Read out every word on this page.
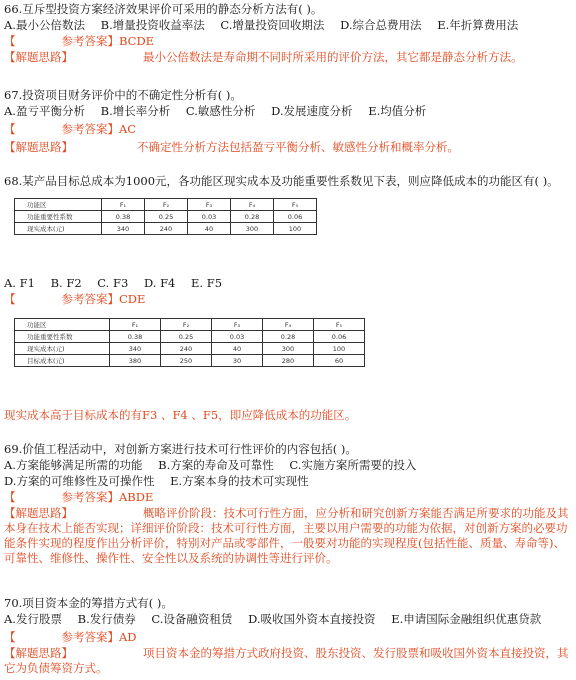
66.互斥型投资方案经济效果评价可采用的静态分析方法有( )。
A.最小公倍数法 B.增量投资收益率法 C.增量投资回收期法 D.综合总费用法 E.年折算费用法
【	参考答案】BCDE
【解题思路】	最小公倍数法是寿命期不同时所采用的评价方法，其它都是静态分析方法。
67.投资项目财务评价中的不确定性分析有( )。
A.盈亏平衡分析 B.增长率分析 C.敏感性分析 D.发展速度分析 E.均值分析
【	参考答案】AC
【解题思路】	不确定性分析方法包括盈亏平衡分析、敏感性分析和概率分析。
68.某产品目标总成本为1000元，各功能区现实成本及功能重要性系数见下表，则应降低成本的功能区有( )。
功能区	F₁	F₂	F₃	F₄	F₅
功能重要性系数	0.38	0.25	0.03	0.28	0.06
现实成本(元)	340	240	40	300	100
A. F1 B. F2 C. F3 D. F4 E. F5
【	参考答案】CDE
功能区	F₁	F₂	F₃	F₄	F₅
功能重要性系数	0.38	0.25	0.03	0.28	0.06
现实成本(元)	340	240	40	300	100
目标成本(元)	380	250	30	280	60
现实成本高于目标成本的有F3 、F4 、F5，即应降低成本的功能区。
69.价值工程活动中，对创新方案进行技术可行性评价的内容包括( )。
A.方案能够满足所需的功能 B.方案的寿命及可靠性 C.实施方案所需要的投入
D.方案的可维修性及可操作性 E.方案本身的技术可实现性
【	参考答案】ABDE
【解题思路】	概略评价阶段：技术可行性方面，应分析和研究创新方案能否满足所要求的功能及其本身在技术上能否实现；详细评价阶段：技术可行性方面，主要以用户需要的功能为依据，对创新方案的必要功能条件实现的程度作出分析评价，特别对产品或零部件，一般要对功能的实现程度(包括性能、质量、寿命等)、可靠性、维修性、操作性、安全性以及系统的协调性等进行评价。
70.项目资本金的筹措方式有( )。
A.发行股票 B.发行债券 C.设备融资租赁 D.吸收国外资本直接投资 E.申请国际金融组织优惠贷款
【	参考答案】AD
【解题思路】	项目资本金的筹措方式政府投资、股东投资、发行股票和吸收国外资本直接投资，其它为负债筹资方式。
